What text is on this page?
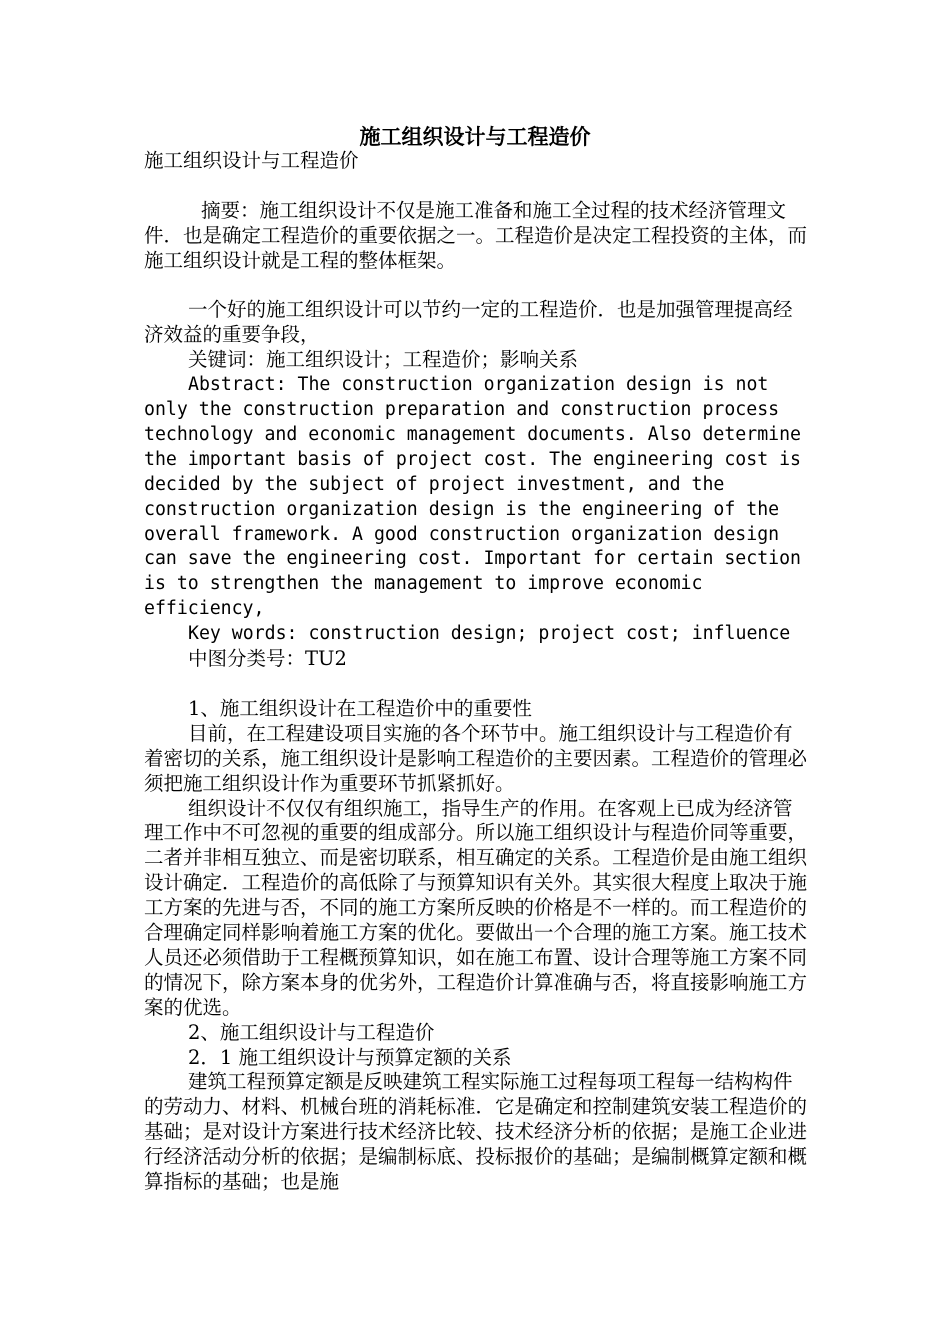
施工组织设计与工程造价

施工组织设计与工程造价

摘要：施工组织设计不仅是施工准备和施工全过程的技术经济管理文件．也是确定工程造价的重要依据之一。工程造价是决定工程投资的主体，而施工组织设计就是工程的整体框架。

一个好的施工组织设计可以节约一定的工程造价．也是加强管理提高经济效益的重要争段，

关键词：施工组织设计；工程造价；影响关系

Abstract: The construction organization design is not only the construction preparation and construction process technology and economic management documents. Also determine the important basis of project cost. The engineering cost is decided by the subject of project investment, and the construction organization design is the engineering of the overall framework. A good construction organization design can save the engineering cost. Important for certain section is to strengthen the management to improve economic efficiency,

Key words: construction design; project cost; influence

中图分类号：TU2

1、施工组织设计在工程造价中的重要性

目前，在工程建设项目实施的各个环节中。施工组织设计与工程造价有着密切的关系，施工组织设计是影响工程造价的主要因素。工程造价的管理必须把施工组织设计作为重要环节抓紧抓好。

组织设计不仅仅有组织施工，指导生产的作用。在客观上已成为经济管理工作中不可忽视的重要的组成部分。所以施工组织设计与程造价同等重要，二者并非相互独立、而是密切联系，相互确定的关系。工程造价是由施工组织设计确定．工程造价的高低除了与预算知识有关外。其实很大程度上取决于施工方案的先进与否，不同的施工方案所反映的价格是不一样的。而工程造价的合理确定同样影响着施工方案的优化。要做出一个合理的施工方案。施工技术人员还必须借助于工程概预算知识，如在施工布置、设计合理等施工方案不同的情况下，除方案本身的优劣外，工程造价计算准确与否，将直接影响施工方案的优选。

2、施工组织设计与工程造价

2．1 施工组织设计与预算定额的关系

建筑工程预算定额是反映建筑工程实际施工过程每项工程每一结构构件的劳动力、材料、机械台班的消耗标准．它是确定和控制建筑安装工程造价的基础；是对设计方案进行技术经济比较、技术经济分析的依据；是施工企业进行经济活动分析的依据；是编制标底、投标报价的基础；是编制概算定额和概算指标的基础；也是施
